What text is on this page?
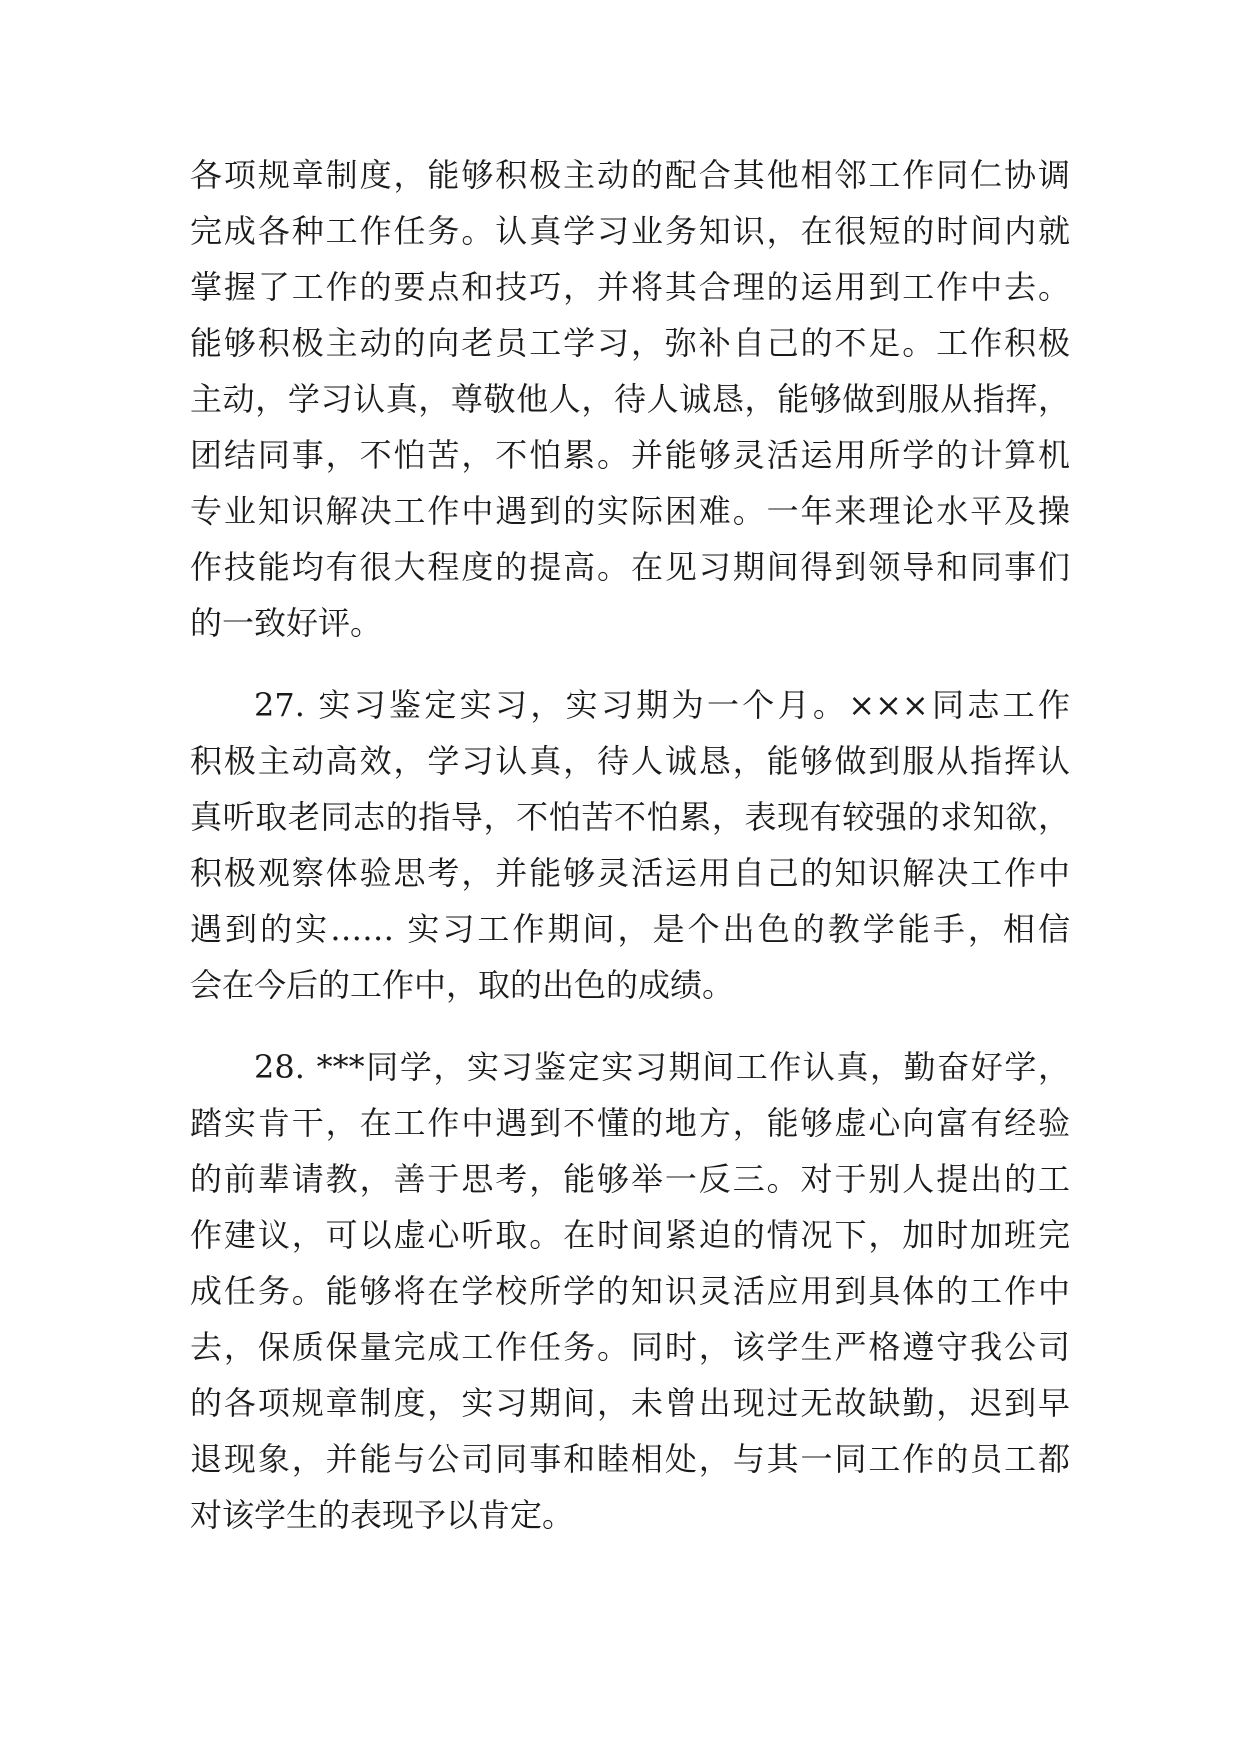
各项规章制度，能够积极主动的配合其他相邻工作同仁协调
完成各种工作任务。认真学习业务知识，在很短的时间内就
掌握了工作的要点和技巧，并将其合理的运用到工作中去。
能够积极主动的向老员工学习，弥补自己的不足。工作积极
主动，学习认真，尊敬他人，待人诚恳，能够做到服从指挥，
团结同事，不怕苦，不怕累。并能够灵活运用所学的计算机
专业知识解决工作中遇到的实际困难。一年来理论水平及操
作技能均有很大程度的提高。在见习期间得到领导和同事们
的一致好评。
27. 实习鉴定实习，实习期为一个月。×××同志工作
积极主动高效，学习认真，待人诚恳，能够做到服从指挥认
真听取老同志的指导，不怕苦不怕累，表现有较强的求知欲，
积极观察体验思考，并能够灵活运用自己的知识解决工作中
遇到的实…… 实习工作期间，是个出色的教学能手，相信
会在今后的工作中，取的出色的成绩。
28. ***同学，实习鉴定实习期间工作认真，勤奋好学，
踏实肯干，在工作中遇到不懂的地方，能够虚心向富有经验
的前辈请教，善于思考，能够举一反三。对于别人提出的工
作建议，可以虚心听取。在时间紧迫的情况下，加时加班完
成任务。能够将在学校所学的知识灵活应用到具体的工作中
去，保质保量完成工作任务。同时，该学生严格遵守我公司
的各项规章制度，实习期间，未曾出现过无故缺勤，迟到早
退现象，并能与公司同事和睦相处，与其一同工作的员工都
对该学生的表现予以肯定。
